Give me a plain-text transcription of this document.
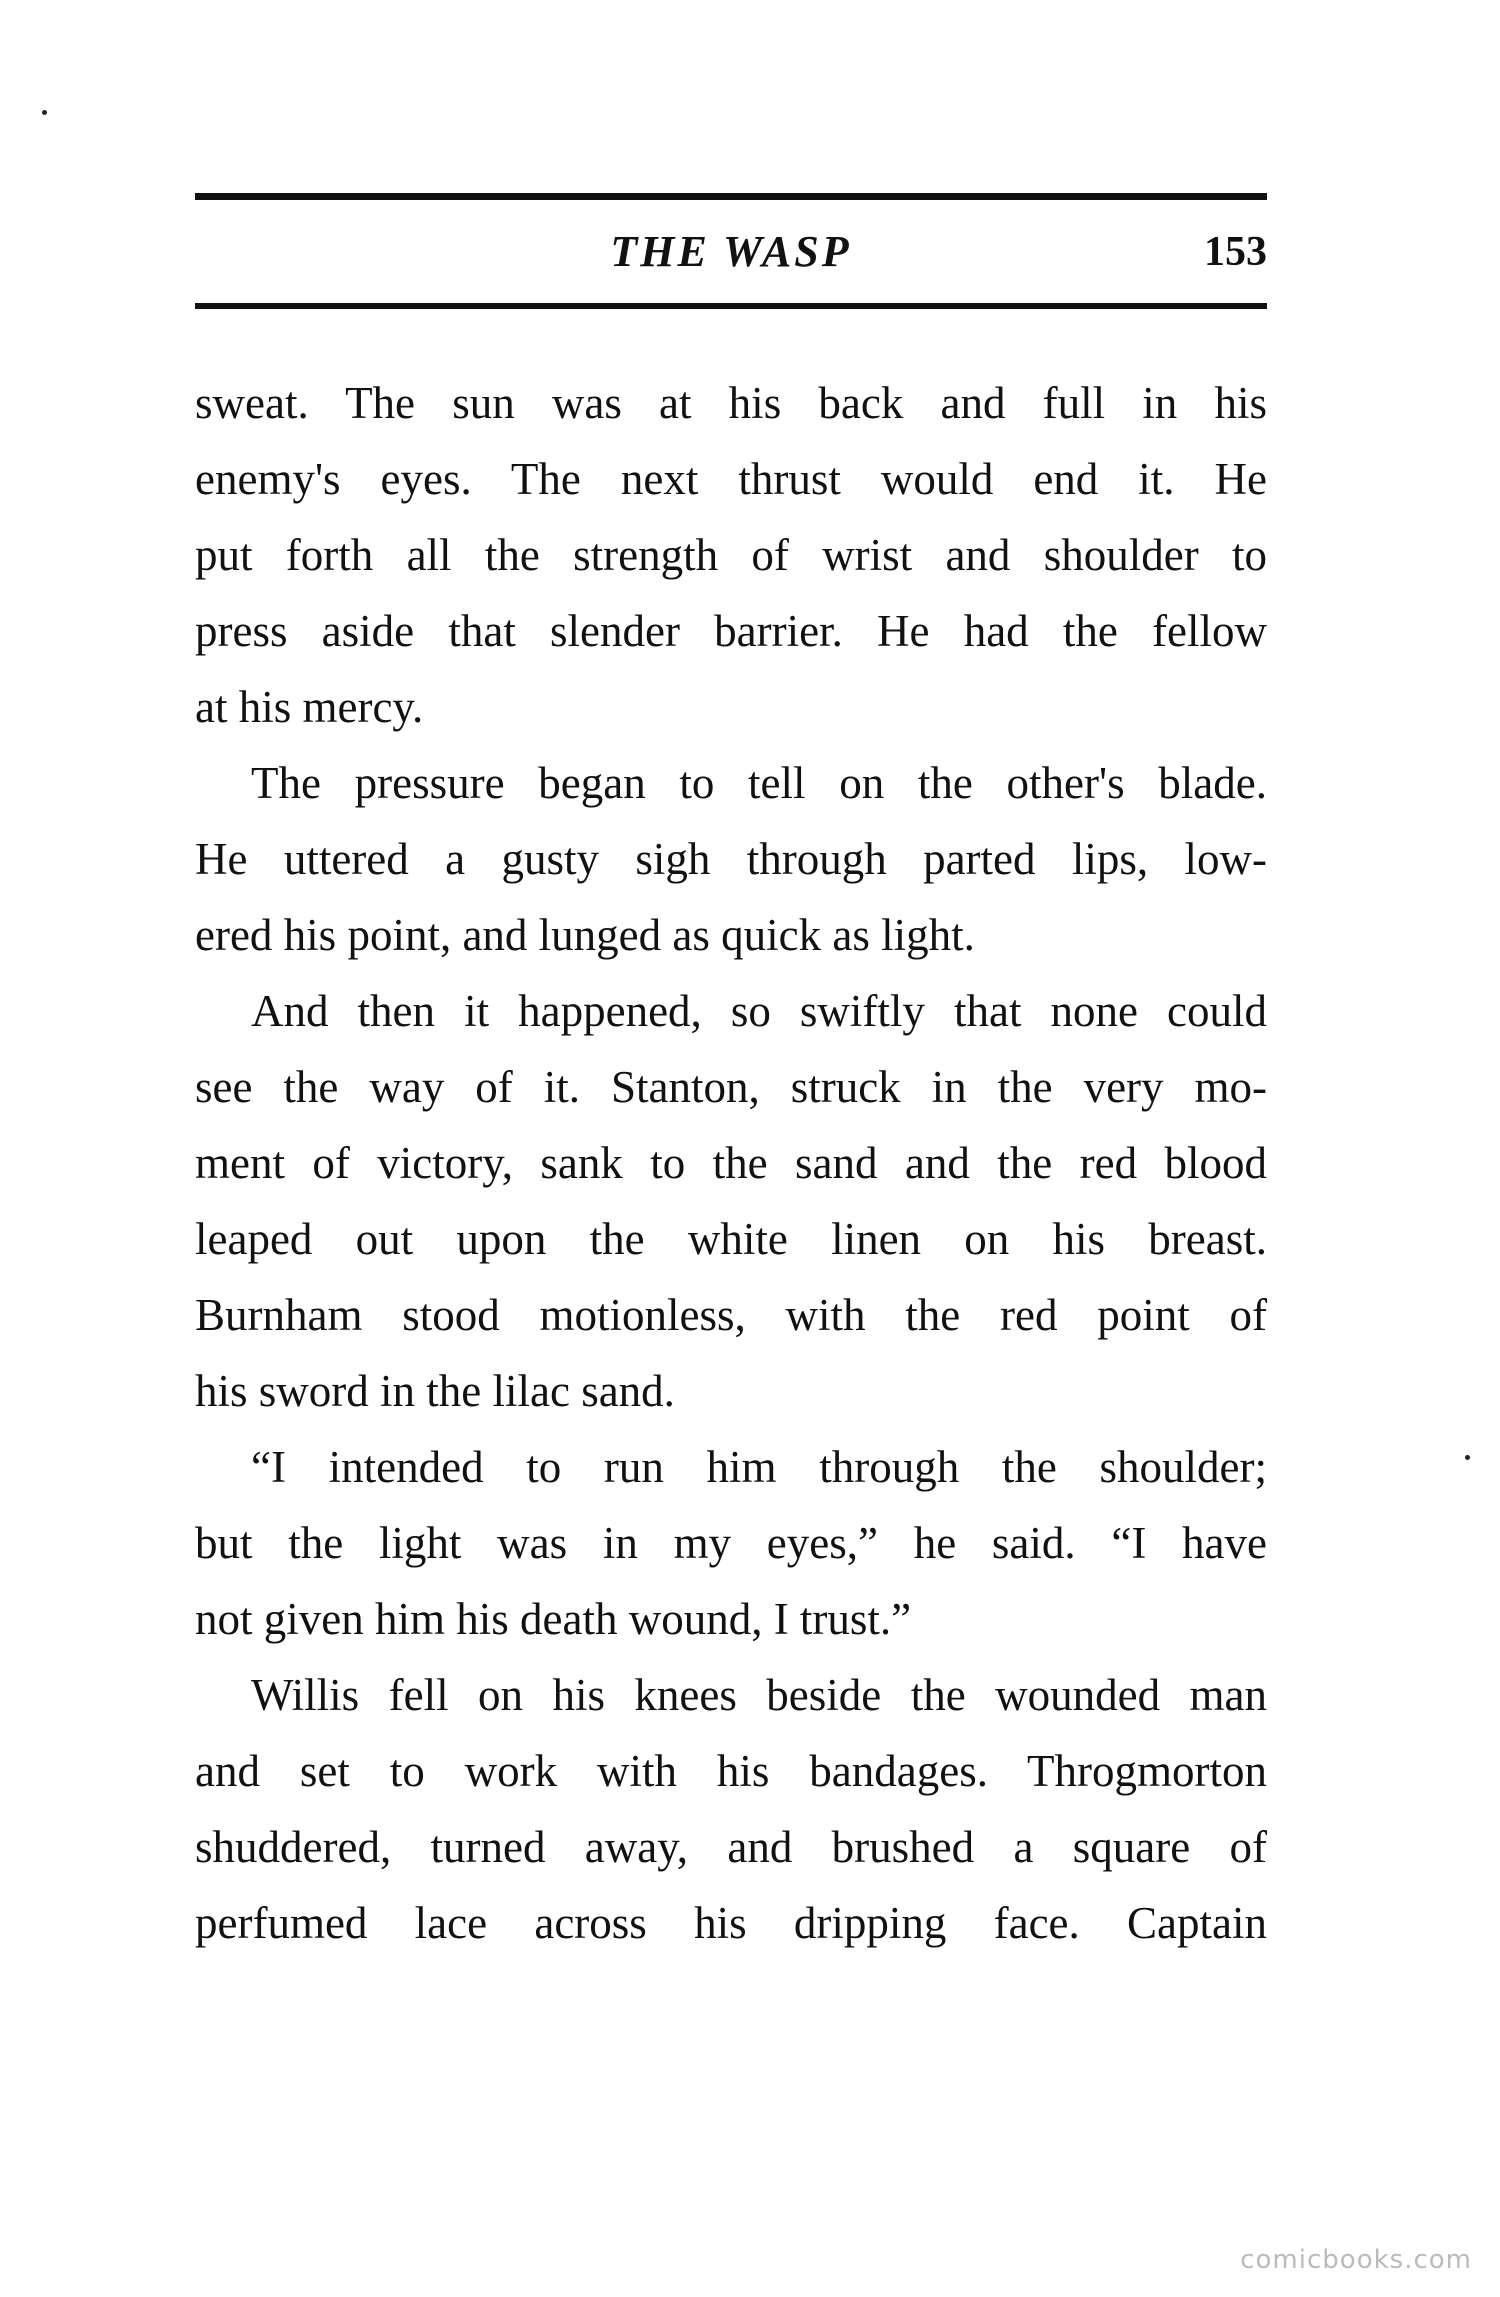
THE WASP	153
sweat. The sun was at his back and full in his
enemy's eyes. The next thrust would end it. He
put forth all the strength of wrist and shoulder to
press aside that slender barrier. He had the fellow
at his mercy.
The pressure began to tell on the other's blade.
He uttered a gusty sigh through parted lips, low-
ered his point, and lunged as quick as light.
And then it happened, so swiftly that none could
see the way of it. Stanton, struck in the very mo-
ment of victory, sank to the sand and the red blood
leaped out upon the white linen on his breast.
Burnham stood motionless, with the red point of
his sword in the lilac sand.
“I intended to run him through the shoulder;
but the light was in my eyes,” he said. “I have
not given him his death wound, I trust.”
Willis fell on his knees beside the wounded man
and set to work with his bandages. Throgmorton
shuddered, turned away, and brushed a square of
perfumed lace across his dripping face. Captain
comicbooks.com
